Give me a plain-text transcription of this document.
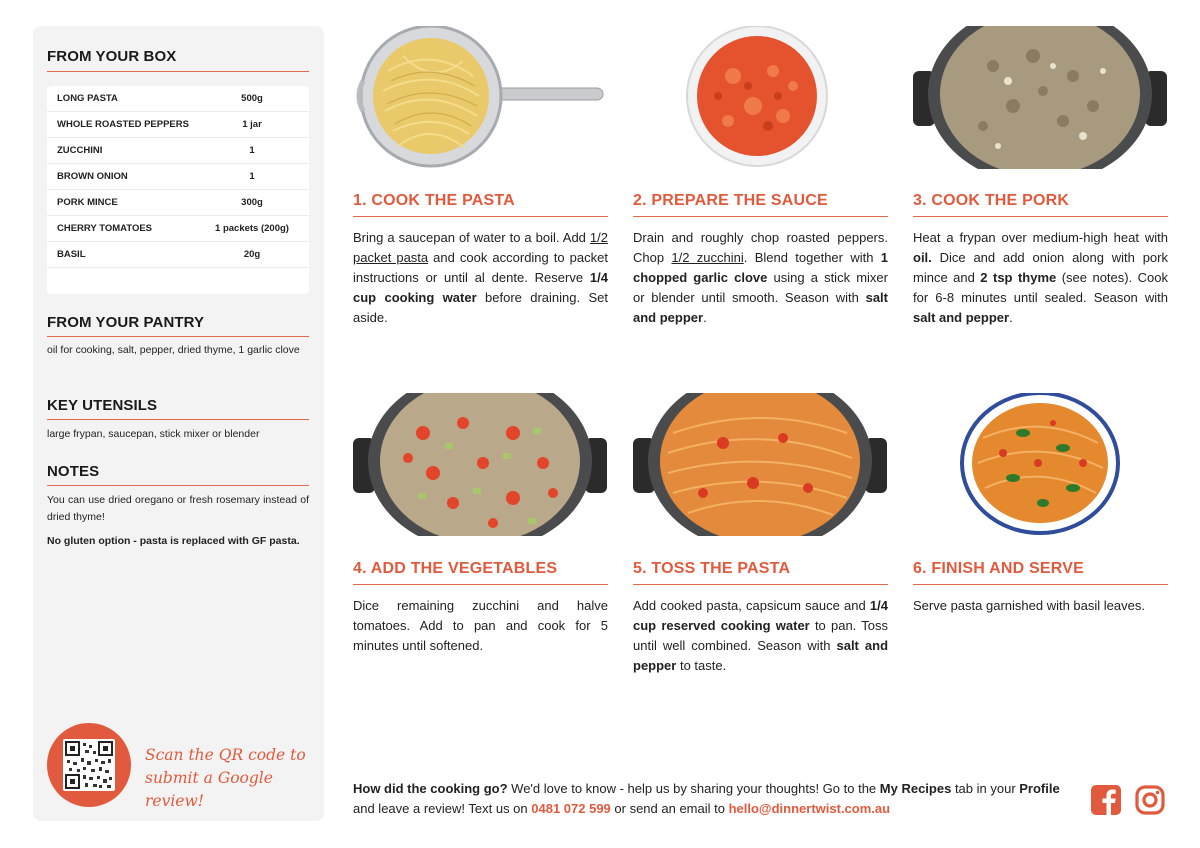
FROM YOUR BOX
LONG PASTA	500g
WHOLE ROASTED PEPPERS	1 jar
ZUCCHINI	1
BROWN ONION	1
PORK MINCE	300g
CHERRY TOMATOES	1 packets (200g)
BASIL	20g
FROM YOUR PANTRY
oil for cooking, salt, pepper, dried thyme, 1 garlic clove
KEY UTENSILS
large frypan, saucepan, stick mixer or blender
NOTES
You can use dried oregano or fresh rosemary instead of dried thyme!
No gluten option - pasta is replaced with GF pasta.
Scan the QR code to
submit a Google review!
1. COOK THE PASTA
Bring a saucepan of water to a boil. Add 1/2 packet pasta and cook according to packet instructions or until al dente. Reserve 1/4 cup cooking water before draining. Set aside.
2. PREPARE THE SAUCE
Drain and roughly chop roasted peppers. Chop 1/2 zucchini. Blend together with 1 chopped garlic clove using a stick mixer or blender until smooth. Season with salt and pepper.
3. COOK THE PORK
Heat a frypan over medium-high heat with oil. Dice and add onion along with pork mince and 2 tsp thyme (see notes). Cook for 6-8 minutes until sealed. Season with salt and pepper.
4. ADD THE VEGETABLES
Dice remaining zucchini and halve tomatoes. Add to pan and cook for 5 minutes until softened.
5. TOSS THE PASTA
Add cooked pasta, capsicum sauce and 1/4 cup reserved cooking water to pan. Toss until well combined. Season with salt and pepper to taste.
6. FINISH AND SERVE
Serve pasta garnished with basil leaves.
How did the cooking go? We'd love to know - help us by sharing your thoughts! Go to the My Recipes tab in your Profile and leave a review! Text us on 0481 072 599 or send an email to hello@dinnertwist.com.au
